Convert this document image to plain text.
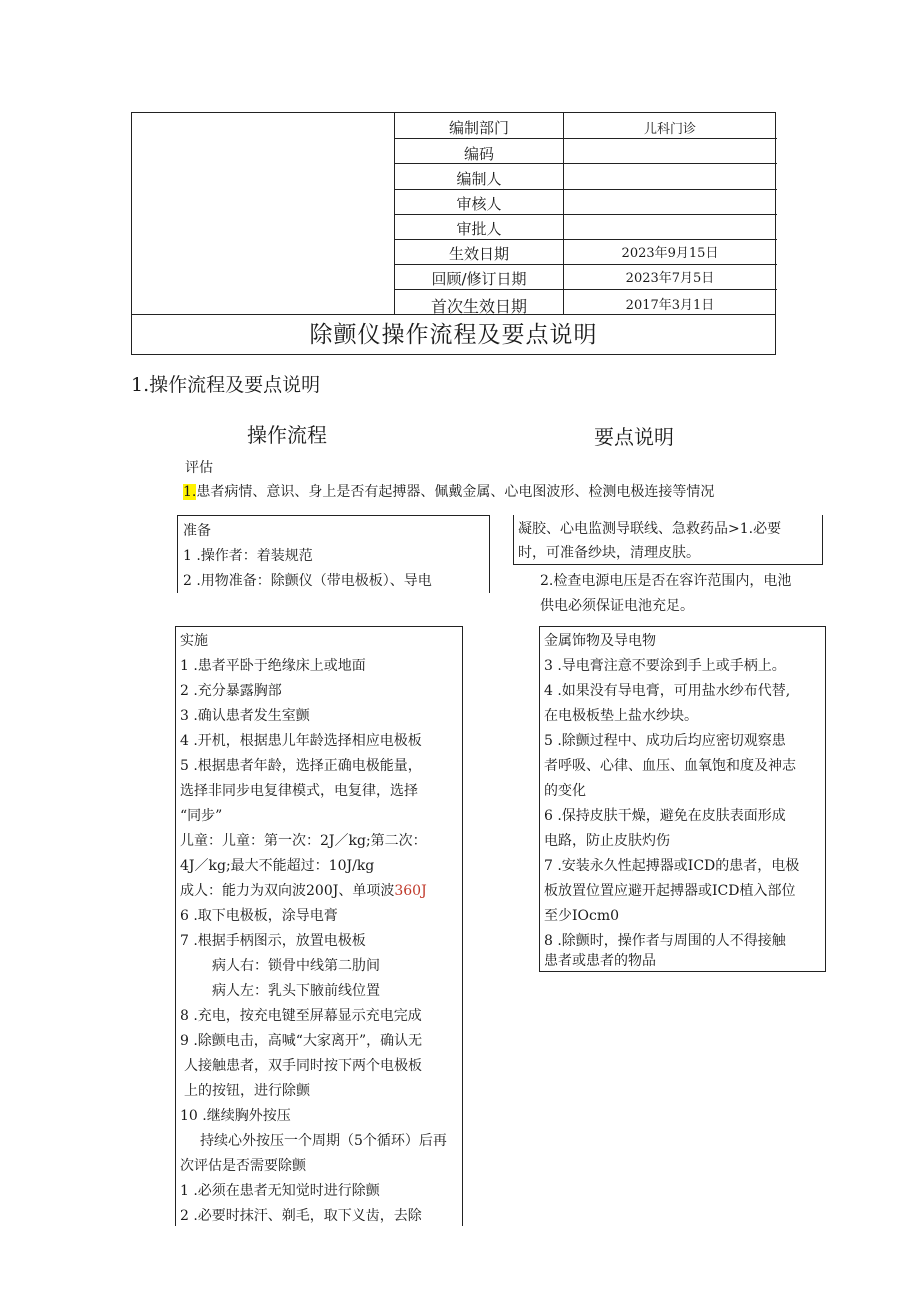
编制部门	儿科门诊
编码
编制人
审核人
审批人
生效日期	2023年9月15日
回顾/修订日期	2023年7月5日
首次生效日期	2017年3月1日
除颤仪操作流程及要点说明
1.操作流程及要点说明
操作流程	要点说明
评估
1.患者病情、意识、身上是否有起搏器、佩戴金属、心电图波形、检测电极连接等情况
准备
1 .操作者：着装规范
2 .用物准备：除颤仪（带电极板）、导电
凝胶、心电监测导联线、急救药品>1.必要
时，可准备纱块，清理皮肤。
2.检查电源电压是否在容许范围内，电池
供电必须保证电池充足。
实施
1 .患者平卧于绝缘床上或地面
2 .充分暴露胸部
3 .确认患者发生室颤
4 .开机，根据患儿年龄选择相应电极板
5 .根据患者年龄，选择正确电极能量，
选择非同步电复律模式，电复律，选择
“同步”
儿童：儿童：第一次：2J／kg;第二次：
4J／kg;最大不能超过：10J/kg
成人：能力为双向波200J、单项波360J
6 .取下电极板，涂导电膏
7 .根据手柄图示，放置电极板
病人右：锁骨中线第二肋间
病人左：乳头下腋前线位置
8 .充电，按充电键至屏幕显示充电完成
9 .除颤电击，高喊“大家离开”，确认无
人接触患者，双手同时按下两个电极板
上的按钮，进行除颤
10 .继续胸外按压
持续心外按压一个周期（5个循环）后再
次评估是否需要除颤
1 .必须在患者无知觉时进行除颤
2 .必要时抹汗、剃毛，取下义齿，去除
金属饰物及导电物
3 .导电膏注意不要涂到手上或手柄上。
4 .如果没有导电膏，可用盐水纱布代替,
在电极板垫上盐水纱块。
5 .除颤过程中、成功后均应密切观察患
者呼吸、心律、血压、血氧饱和度及神志
的变化
6 .保持皮肤干燥，避免在皮肤表面形成
电路，防止皮肤灼伤
7 .安装永久性起搏器或ICD的患者，电极
板放置位置应避开起搏器或ICD植入部位
至少IOcm0
8 .除颤时，操作者与周围的人不得接触
患者或患者的物品
